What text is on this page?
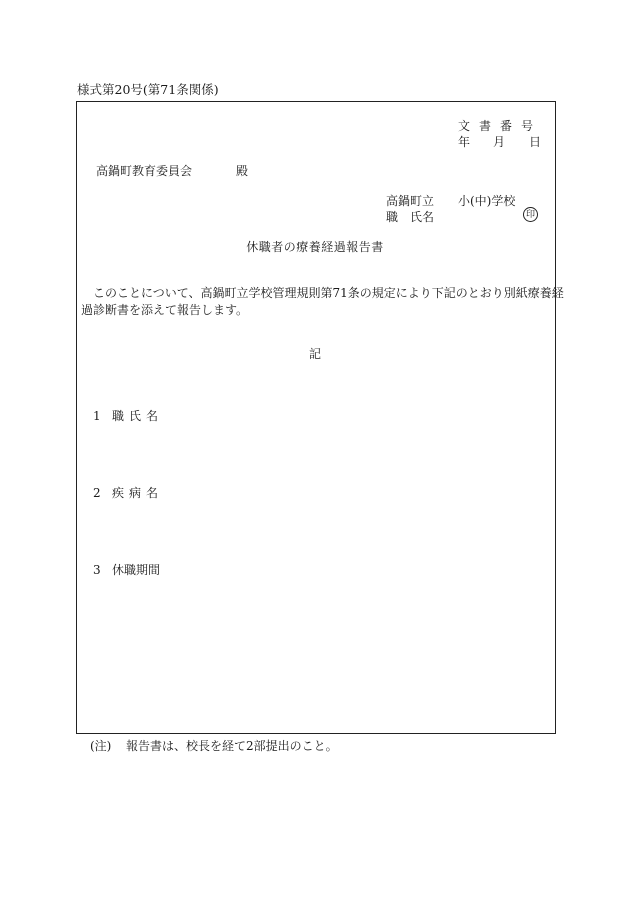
様式第20号(第71条関係)
文書番号
年 月 日
高鍋町教育委員会	殿
高鍋町立 小(中)学校
職　氏名	印
休職者の療養経過報告書
このことについて、高鍋町立学校管理規則第71条の規定により下記のとおり別紙療養経
過診断書を添えて報告します。
記
1 職氏名
2 疾病名
3 休職期間
(注) 報告書は、校長を経て2部提出のこと。
